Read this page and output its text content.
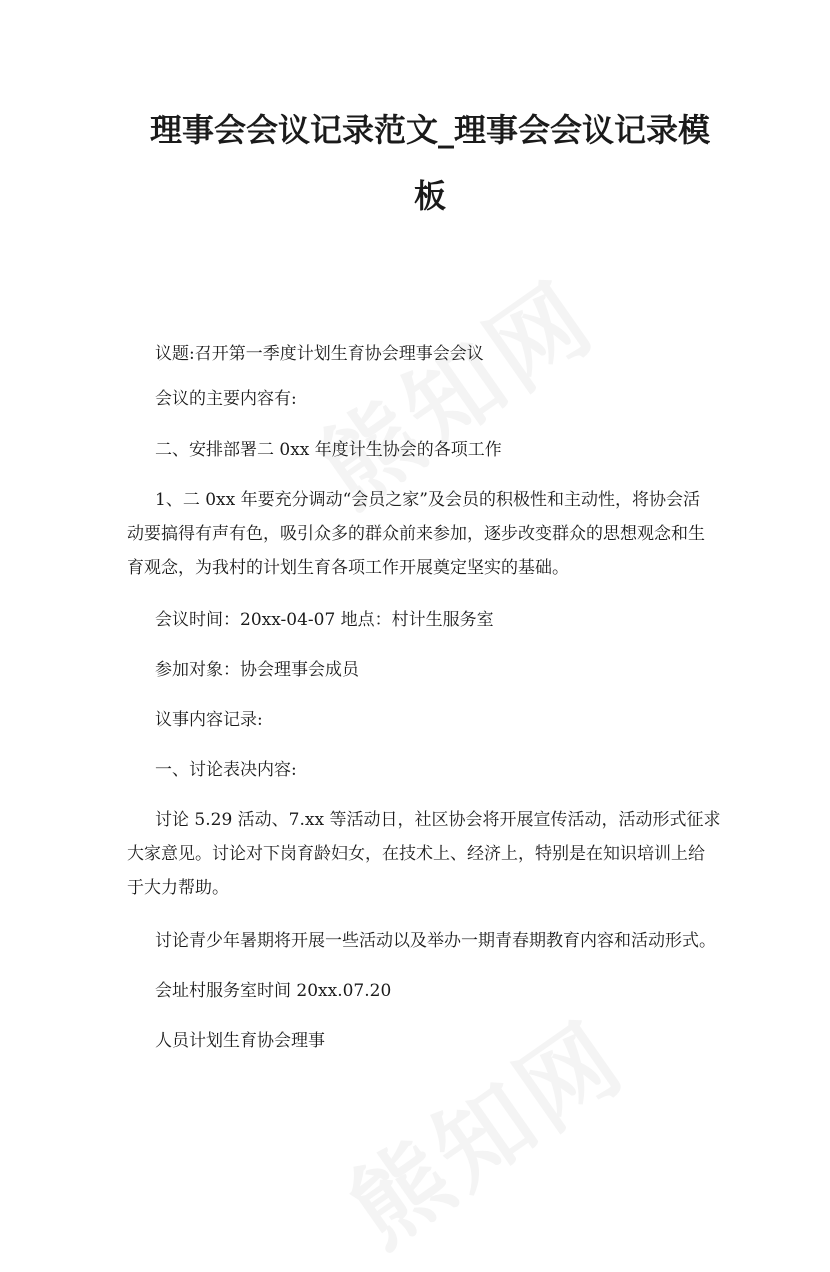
理事会会议记录范文_理事会会议记录模
板

议题:召开第一季度计划生育协会理事会会议

会议的主要内容有:

二、安排部署二 0xx 年度计生协会的各项工作

1、二 0xx 年要充分调动“会员之家”及会员的积极性和主动性，将协会活
动要搞得有声有色，吸引众多的群众前来参加，逐步改变群众的思想观念和生
育观念，为我村的计划生育各项工作开展奠定坚实的基础。

会议时间：20xx-04-07 地点：村计生服务室

参加对象：协会理事会成员

议事内容记录:

一、讨论表决内容:

讨论 5.29 活动、7.xx 等活动日，社区协会将开展宣传活动，活动形式征求
大家意见。讨论对下岗育龄妇女，在技术上、经济上，特别是在知识培训上给
于大力帮助。

讨论青少年暑期将开展一些活动以及举办一期青春期教育内容和活动形式。

会址村服务室时间 20xx.07.20

人员计划生育协会理事
